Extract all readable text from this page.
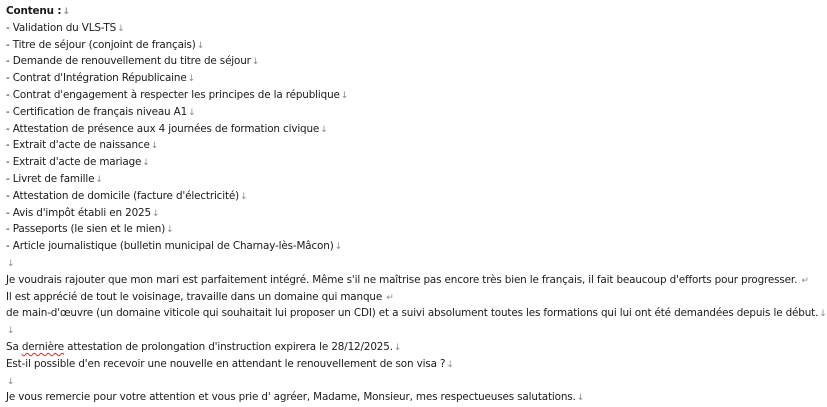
Contenu :↓
- Validation du VLS-TS↓
- Titre de séjour (conjoint de français)↓
- Demande de renouvellement du titre de séjour↓
- Contrat d'Intégration Républicaine↓
- Contrat d'engagement à respecter les principes de la république↓
- Certification de français niveau A1↓
- Attestation de présence aux 4 journées de formation civique↓
- Extrait d'acte de naissance↓
- Extrait d'acte de mariage↓
- Livret de famille↓
- Attestation de domicile (facture d'électricité)↓
- Avis d'impôt établi en 2025↓
- Passeports (le sien et le mien)↓
- Article journalistique (bulletin municipal de Charnay-lès-Mâcon)↓
↓
Je voudrais rajouter que mon mari est parfaitement intégré. Même s'il ne maîtrise pas encore très bien le français, il fait beaucoup d'efforts pour progresser. ↵
Il est apprécié de tout le voisinage, travaille dans un domaine qui manque ↵
de main-d'œuvre (un domaine viticole qui souhaitait lui proposer un CDI) et a suivi absolument toutes les formations qui lui ont été demandées depuis le début.↓
↓
Sa dernière attestation de prolongation d'instruction expirera le 28/12/2025.↓
Est-il possible d'en recevoir une nouvelle en attendant le renouvellement de son visa ?↓
↓
Je vous remercie pour votre attention et vous prie d' agréer, Madame, Monsieur, mes respectueuses salutations.↓
